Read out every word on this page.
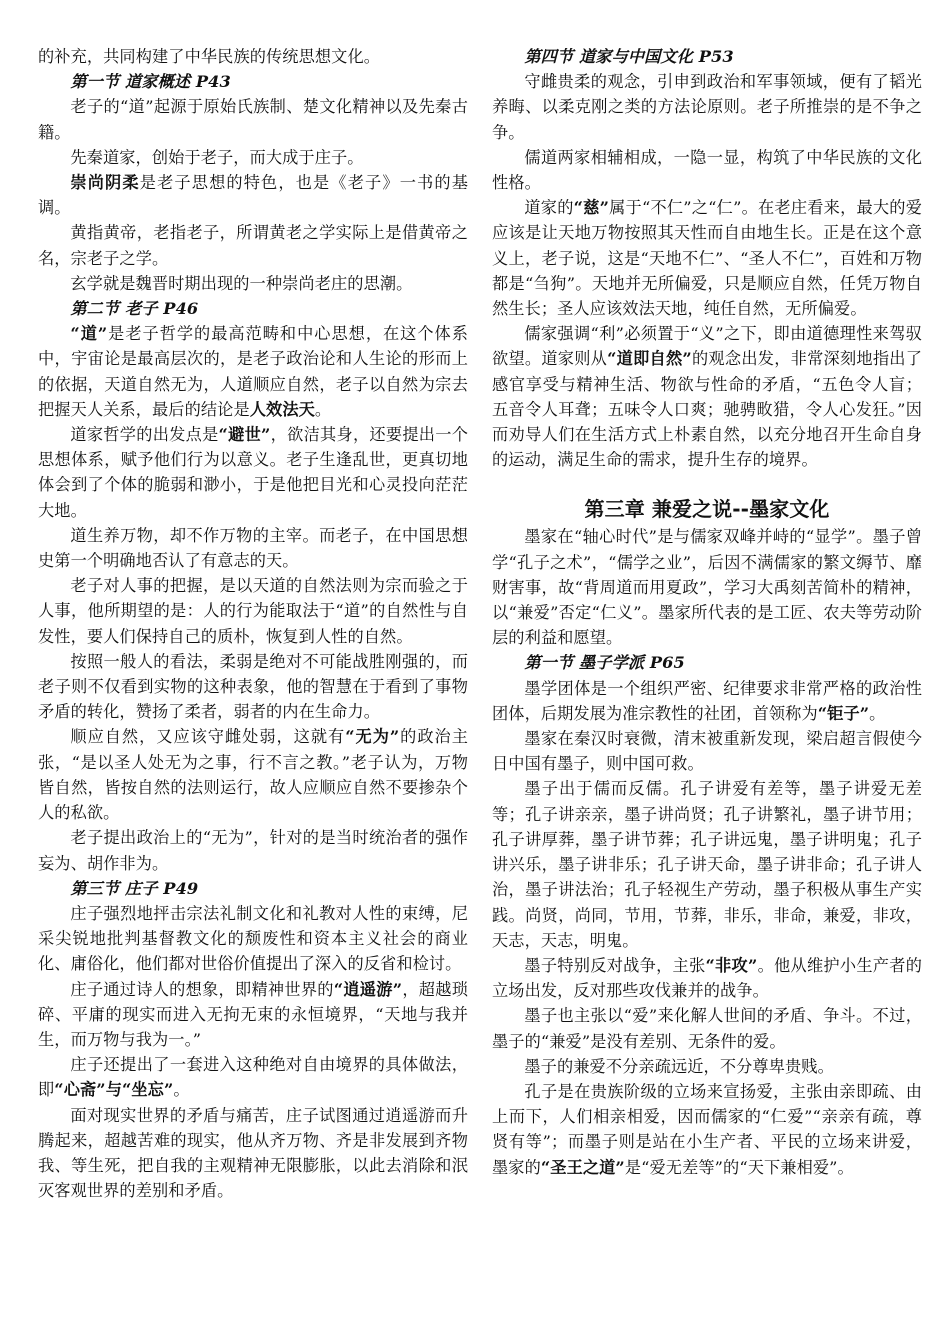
的补充，共同构建了中华民族的传统思想文化。
第一节 道家概述 P43
老子的“道”起源于原始氏族制、楚文化精神以及先秦古籍。
先秦道家，创始于老子，而大成于庄子。
崇尚阴柔是老子思想的特色，也是《老子》一书的基调。
黄指黄帝，老指老子，所谓黄老之学实际上是借黄帝之名，宗老子之学。
玄学就是魏晋时期出现的一种崇尚老庄的思潮。
第二节 老子 P46
“道”是老子哲学的最高范畴和中心思想，在这个体系中，宇宙论是最高层次的，是老子政治论和人生论的形而上的依据，天道自然无为，人道顺应自然，老子以自然为宗去把握天人关系，最后的结论是人效法天。
道家哲学的出发点是“避世”，欲洁其身，还要提出一个思想体系，赋予他们行为以意义。老子生逢乱世，更真切地体会到了个体的脆弱和渺小，于是他把目光和心灵投向茫茫大地。
道生养万物，却不作万物的主宰。而老子，在中国思想史第一个明确地否认了有意志的天。
老子对人事的把握，是以天道的自然法则为宗而验之于人事，他所期望的是：人的行为能取法于“道”的自然性与自发性，要人们保持自己的质朴，恢复到人性的自然。
按照一般人的看法，柔弱是绝对不可能战胜刚强的，而老子则不仅看到实物的这种表象，他的智慧在于看到了事物矛盾的转化，赞扬了柔者，弱者的内在生命力。
顺应自然，又应该守雌处弱，这就有“无为”的政治主张，“是以圣人处无为之事，行不言之教。”老子认为，万物皆自然，皆按自然的法则运行，故人应顺应自然不要掺杂个人的私欲。
老子提出政治上的“无为”，针对的是当时统治者的强作妄为、胡作非为。
第三节 庄子 P49
庄子强烈地抨击宗法礼制文化和礼教对人性的束缚，尼采尖锐地批判基督教文化的颓废性和资本主义社会的商业化、庸俗化，他们都对世俗价值提出了深入的反省和检讨。
庄子通过诗人的想象，即精神世界的“逍遥游”，超越琐碎、平庸的现实而进入无拘无束的永恒境界，“天地与我并生，而万物与我为一。”
庄子还提出了一套进入这种绝对自由境界的具体做法，即“心斋”与“坐忘”。
面对现实世界的矛盾与痛苦，庄子试图通过逍遥游而升腾起来，超越苦难的现实，他从齐万物、齐是非发展到齐物我、等生死，把自我的主观精神无限膨胀，以此去消除和泯灭客观世界的差别和矛盾。
第四节 道家与中国文化 P53
守雌贵柔的观念，引申到政治和军事领域，便有了韬光养晦、以柔克刚之类的方法论原则。老子所推崇的是不争之争。
儒道两家相辅相成，一隐一显，构筑了中华民族的文化性格。
道家的“慈”属于“不仁”之“仁”。在老庄看来，最大的爱应该是让天地万物按照其天性而自由地生长。正是在这个意义上，老子说，这是“天地不仁”、“圣人不仁”，百姓和万物都是“刍狗”。天地并无所偏爱，只是顺应自然，任凭万物自然生长；圣人应该效法天地，纯任自然，无所偏爱。
儒家强调“利”必须置于“义”之下，即由道德理性来驾驭欲望。道家则从“道即自然”的观念出发，非常深刻地指出了感官享受与精神生活、物欲与性命的矛盾，“五色令人盲；五音令人耳聋；五味令人口爽；驰骋畋猎，令人心发狂。”因而劝导人们在生活方式上朴素自然，以充分地召开生命自身的运动，满足生命的需求，提升生存的境界。
第三章 兼爱之说--墨家文化
墨家在“轴心时代”是与儒家双峰并峙的“显学”。墨子曾学“孔子之术”，“儒学之业”，后因不满儒家的繁文缛节、靡财害事，故“背周道而用夏政”，学习大禹刻苦简朴的精神，以“兼爱”否定“仁义”。墨家所代表的是工匠、农夫等劳动阶层的利益和愿望。
第一节 墨子学派 P65
墨学团体是一个组织严密、纪律要求非常严格的政治性团体，后期发展为准宗教性的社团，首领称为“钜子”。
墨家在秦汉时衰微，清末被重新发现，梁启超言假使今日中国有墨子，则中国可救。
墨子出于儒而反儒。孔子讲爱有差等，墨子讲爱无差等；孔子讲亲亲，墨子讲尚贤；孔子讲繁礼，墨子讲节用；孔子讲厚葬，墨子讲节葬；孔子讲远鬼，墨子讲明鬼；孔子讲兴乐，墨子讲非乐；孔子讲天命，墨子讲非命；孔子讲人治，墨子讲法治；孔子轻视生产劳动，墨子积极从事生产实践。尚贤，尚同，节用，节葬，非乐，非命，兼爱，非攻，天志，天志，明鬼。
墨子特别反对战争，主张“非攻”。他从维护小生产者的立场出发，反对那些攻伐兼并的战争。
墨子也主张以“爱”来化解人世间的矛盾、争斗。不过，墨子的“兼爱”是没有差别、无条件的爱。
墨子的兼爱不分亲疏远近，不分尊卑贵贱。
孔子是在贵族阶级的立场来宣扬爱，主张由亲即疏、由上而下，人们相亲相爱，因而儒家的“仁爱”“亲亲有疏，尊贤有等”；而墨子则是站在小生产者、平民的立场来讲爱，墨家的“圣王之道”是“爱无差等”的“天下兼相爱”。
